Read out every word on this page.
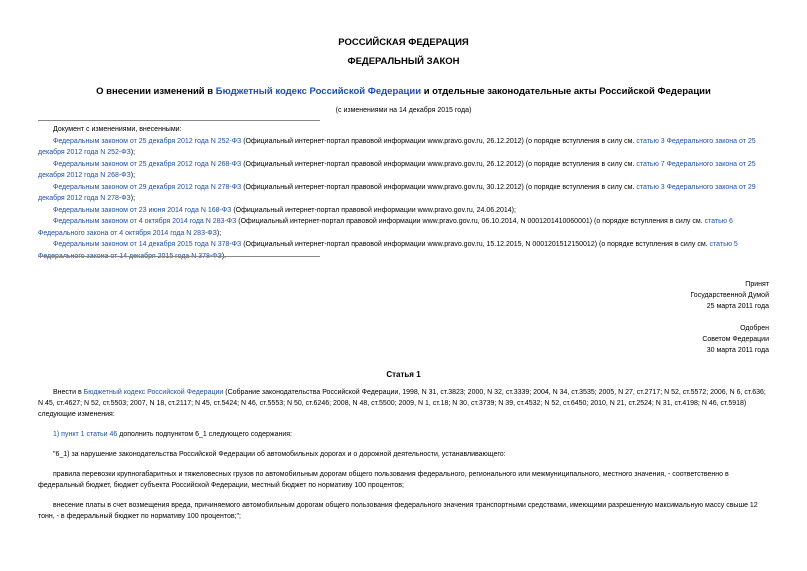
РОССИЙСКАЯ ФЕДЕРАЦИЯ
ФЕДЕРАЛЬНЫЙ ЗАКОН
О внесении изменений в Бюджетный кодекс Российской Федерации и отдельные законодательные акты Российской Федерации
(с изменениями на 14 декабря 2015 года)

Документ с изменениями, внесенными:

Федеральным законом от 25 декабря 2012 года N 252-ФЗ (Официальный интернет-портал правовой информации www.pravo.gov.ru, 26.12.2012) (о порядке вступления в силу см. статью 3 Федерального закона от 25 декабря 2012 года N 252-ФЗ);

Федеральным законом от 25 декабря 2012 года N 268-ФЗ (Официальный интернет-портал правовой информации www.pravo.gov.ru, 26.12.2012) (о порядке вступления в силу см. статью 7 Федерального закона от 25 декабря 2012 года N 268-ФЗ);

Федеральным законом от 29 декабря 2012 года N 278-ФЗ (Официальный интернет-портал правовой информации www.pravo.gov.ru, 30.12.2012) (о порядке вступления в силу см. статью 3 Федерального закона от 29 декабря 2012 года N 278-ФЗ);

Федеральным законом от 23 июня 2014 года N 168-ФЗ (Официальный интернет-портал правовой информации www.pravo.gov.ru, 24.06.2014);

Федеральным законом от 4 октября 2014 года N 283-ФЗ (Официальный интернет-портал правовой информации www.pravo.gov.ru, 06.10.2014, N 0001201410060001) (о порядке вступления в силу см. статью 6 Федерального закона от 4 октября 2014 года N 283-ФЗ);

Федеральным законом от 14 декабря 2015 года N 378-ФЗ (Официальный интернет-портал правовой информации www.pravo.gov.ru, 15.12.2015, N 0001201512150012) (о порядке вступления в силу см. статью 5

Принят

Государственной Думой

25 марта 2011 года

Одобрен

Советом Федерации

30 марта 2011 года

Статья 1

Внести в Бюджетный кодекс Российской Федерации (Собрание законодательства Российской Федерации, 1998, N 31, ст.3823; 2000, N 32, ст.3339; 2004, N 34, ст.3535; 2005, N 27, ст.2717; N 52, ст.5572; 2006, N 6, ст.636; N 45, ст.4627; N 52, ст.5503; 2007, N 18, ст.2117; N 45, ст.5424; N 46, ст.5553; N 50, ст.6246; 2008, N 48, ст.5500; 2009, N 1, ст.18; N 30, ст.3739; N 39, ст.4532; N 52, ст.6450; 2010, N 21, ст.2524; N 31, ст.4198; N 46, ст.5918) следующие изменения:

1) пункт 1 статьи 46 дополнить подпунктом 6_1 следующего содержания:

"6_1) за нарушение законодательства Российской Федерации об автомобильных дорогах и о дорожной деятельности, устанавливающего:

правила перевозки крупногабаритных и тяжеловесных грузов по автомобильным дорогам общего пользования федерального, регионального или межмуниципального, местного значения, - соответственно в федеральный бюджет, бюджет субъекта Российской Федерации, местный бюджет по нормативу 100 процентов;

внесение платы в счет возмещения вреда, причиняемого автомобильным дорогам общего пользования федерального значения транспортными средствами, имеющими разрешенную максимальную массу свыше 12 тонн, - в федеральный бюджет по нормативу 100 процентов;";
